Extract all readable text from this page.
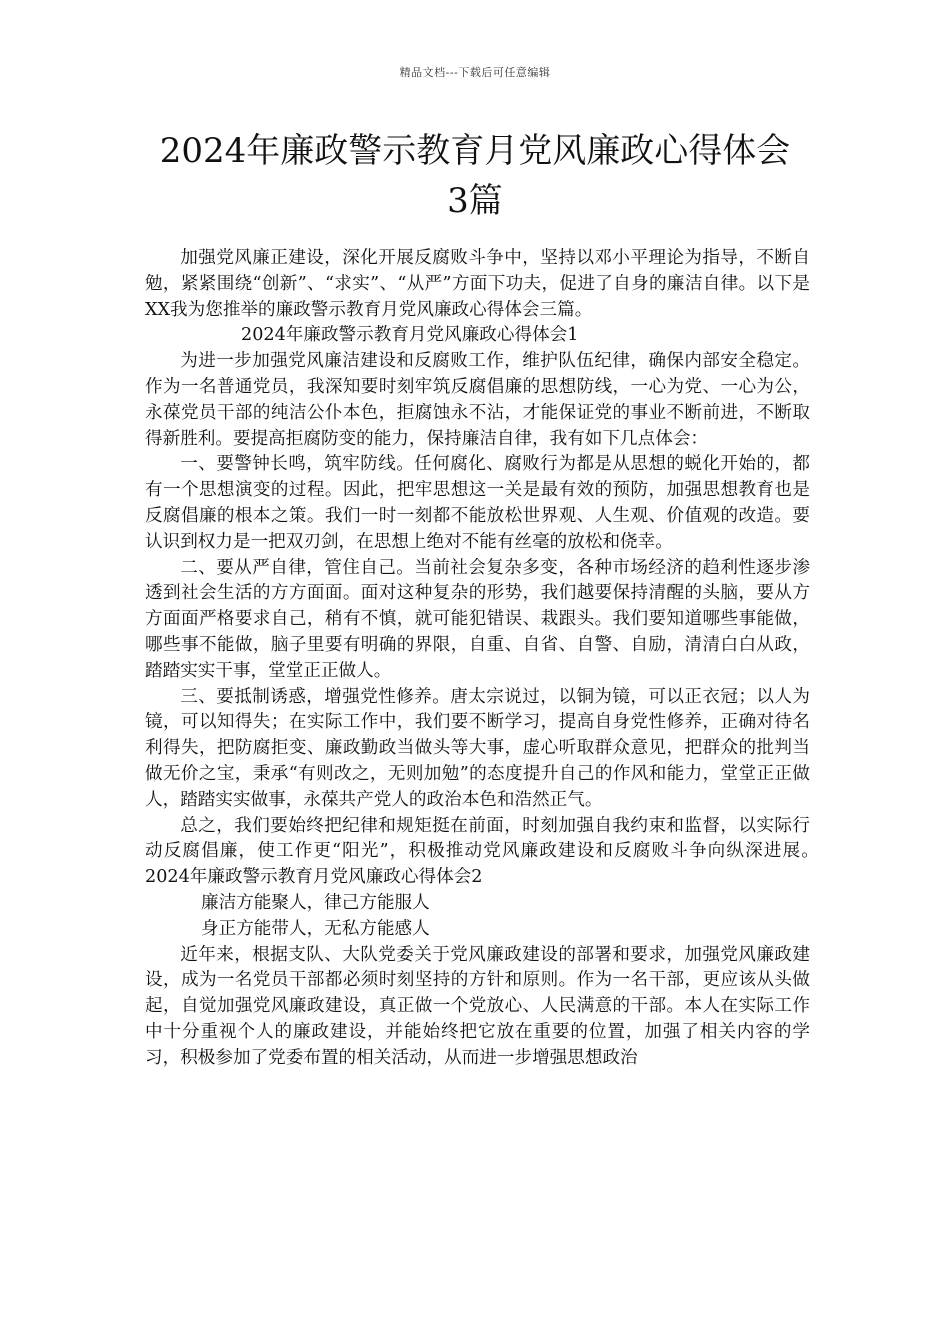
精品文档---下载后可任意编辑
2024年廉政警示教育月党风廉政心得体会
3篇

加强党风廉正建设，深化开展反腐败斗争中，坚持以邓小平理论为指导，不断自勉，紧紧围绕“创新”、“求实”、“从严”方面下功夫，促进了自身的廉洁自律。以下是XX我为您推举的廉政警示教育月党风廉政心得体会三篇。

2024年廉政警示教育月党风廉政心得体会1

为进一步加强党风廉洁建设和反腐败工作，维护队伍纪律，确保内部安全稳定。作为一名普通党员，我深知要时刻牢筑反腐倡廉的思想防线，一心为党、一心为公，永葆党员干部的纯洁公仆本色，拒腐蚀永不沾，才能保证党的事业不断前进，不断取得新胜利。要提高拒腐防变的能力，保持廉洁自律，我有如下几点体会：

一、要警钟长鸣，筑牢防线。任何腐化、腐败行为都是从思想的蜕化开始的，都有一个思想演变的过程。因此，把牢思想这一关是最有效的预防，加强思想教育也是反腐倡廉的根本之策。我们一时一刻都不能放松世界观、人生观、价值观的改造。要认识到权力是一把双刃剑，在思想上绝对不能有丝毫的放松和侥幸。

二、要从严自律，管住自己。当前社会复杂多变，各种市场经济的趋利性逐步渗透到社会生活的方方面面。面对这种复杂的形势，我们越要保持清醒的头脑，要从方方面面严格要求自己，稍有不慎，就可能犯错误、栽跟头。我们要知道哪些事能做，哪些事不能做，脑子里要有明确的界限，自重、自省、自警、自励，清清白白从政，踏踏实实干事，堂堂正正做人。

三、要抵制诱惑，增强党性修养。唐太宗说过，以铜为镜，可以正衣冠；以人为镜，可以知得失；在实际工作中，我们要不断学习，提高自身党性修养，正确对待名利得失，把防腐拒变、廉政勤政当做头等大事，虚心听取群众意见，把群众的批判当做无价之宝，秉承“有则改之，无则加勉”的态度提升自己的作风和能力，堂堂正正做人，踏踏实实做事，永葆共产党人的政治本色和浩然正气。

总之，我们要始终把纪律和规矩挺在前面，时刻加强自我约束和监督，以实际行动反腐倡廉，使工作更“阳光”，积极推动党风廉政建设和反腐败斗争向纵深进展。　　2024年廉政警示教育月党风廉政心得体会2

廉洁方能聚人，律己方能服人

身正方能带人，无私方能感人

近年来，根据支队、大队党委关于党风廉政建设的部署和要求，加强党风廉政建设，成为一名党员干部都必须时刻坚持的方针和原则。作为一名干部，更应该从头做起，自觉加强党风廉政建设，真正做一个党放心、人民满意的干部。本人在实际工作中十分重视个人的廉政建设，并能始终把它放在重要的位置，加强了相关内容的学习，积极参加了党委布置的相关活动，从而进一步增强思想政治
